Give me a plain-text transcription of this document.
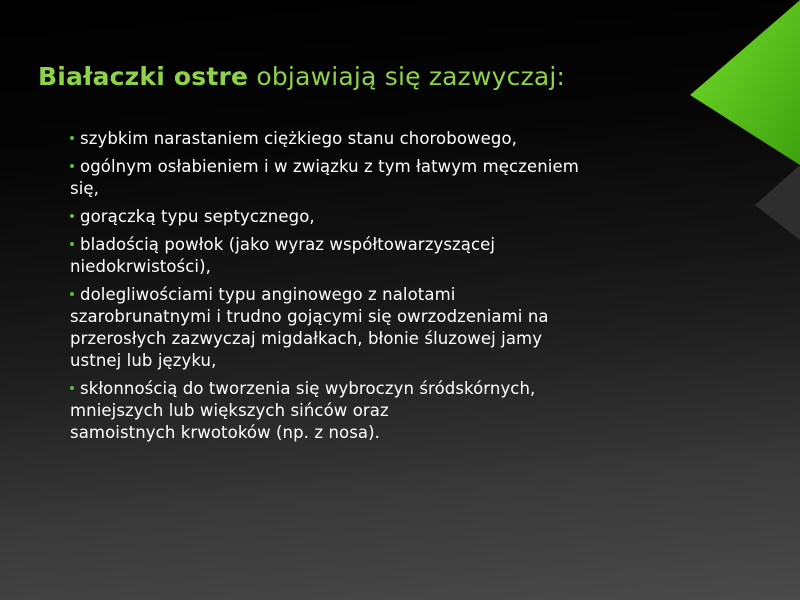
Białaczki ostre objawiają się zazwyczaj:
szybkim narastaniem ciężkiego stanu chorobowego,
ogólnym osłabieniem i w związku z tym łatwym męczeniem
się,
gorączką typu septycznego,
bladością powłok (jako wyraz współtowarzyszącej
niedokrwistości),
dolegliwościami typu anginowego z nalotami
szarobrunatnymi i trudno gojącymi się owrzodzeniami na
przerosłych zazwyczaj migdałkach, błonie śluzowej jamy
ustnej lub języku,
skłonnością do tworzenia się wybroczyn śródskórnych,
mniejszych lub większych sińców oraz
samoistnych krwotoków (np. z nosa).
